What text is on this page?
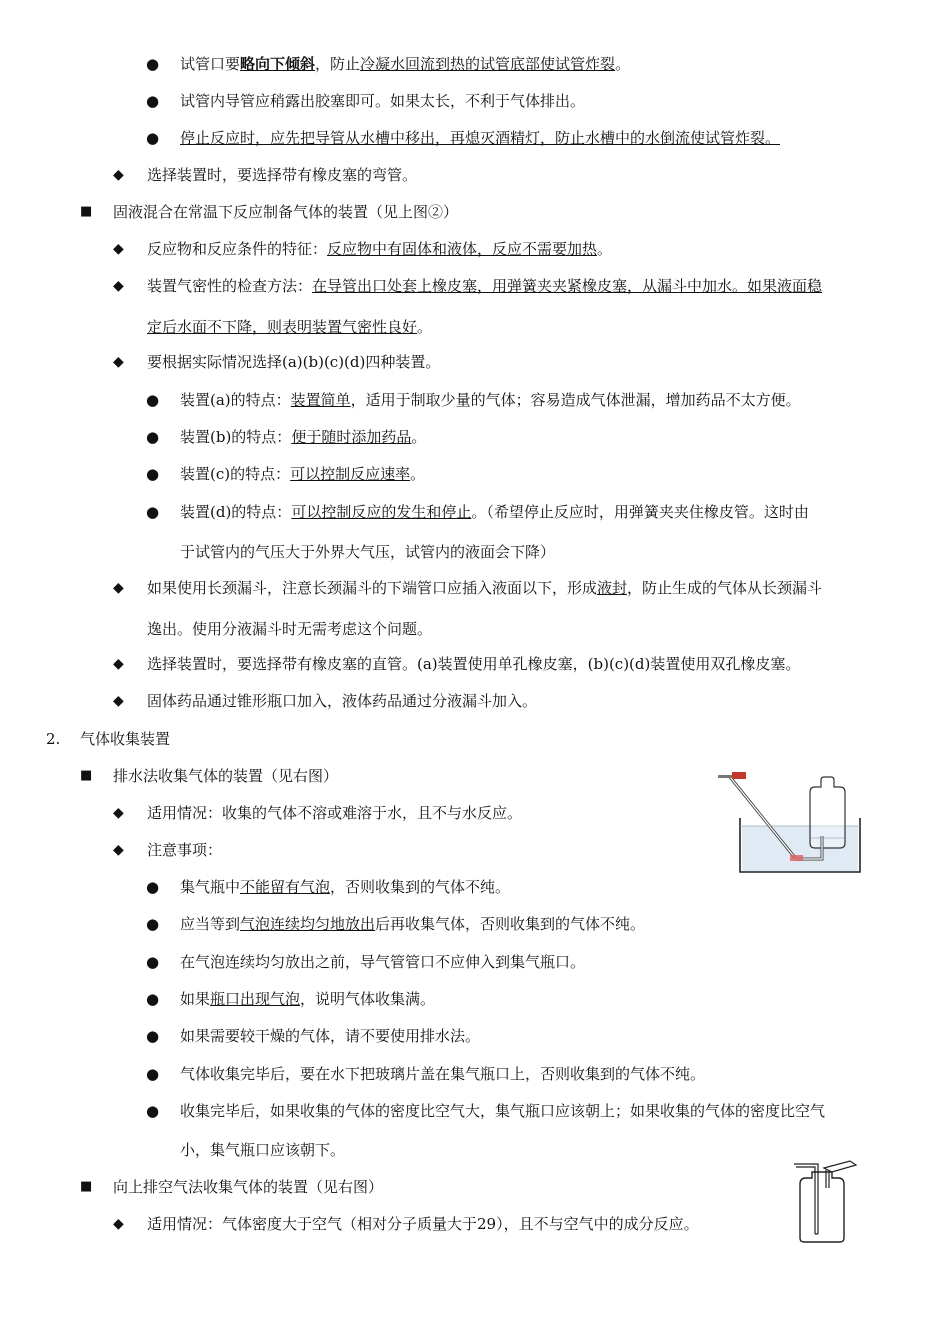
●
●
●
◆
■
◆
◆
◆
●
●
●
●
◆
◆
◆
2.
■
◆
◆
●
●
●
●
●
●
●
■
◆
试管口要略向下倾斜，防止冷凝水回流到热的试管底部使试管炸裂。
试管内导管应稍露出胶塞即可。如果太长，不利于气体排出。
停止反应时，应先把导管从水槽中移出，再熄灭酒精灯，防止水槽中的水倒流使试管炸裂。
选择装置时，要选择带有橡皮塞的弯管。
固液混合在常温下反应制备气体的装置（见上图②）
反应物和反应条件的特征：反应物中有固体和液体，反应不需要加热。
装置气密性的检查方法：在导管出口处套上橡皮塞，用弹簧夹夹紧橡皮塞，从漏斗中加水。如果液面稳
定后水面不下降，则表明装置气密性良好。
要根据实际情况选择(a)(b)(c)(d)四种装置。
装置(a)的特点：装置简单，适用于制取少量的气体；容易造成气体泄漏，增加药品不太方便。
装置(b)的特点：便于随时添加药品。
装置(c)的特点：可以控制反应速率。
装置(d)的特点：可以控制反应的发生和停止。（希望停止反应时，用弹簧夹夹住橡皮管。这时由
于试管内的气压大于外界大气压，试管内的液面会下降）
如果使用长颈漏斗，注意长颈漏斗的下端管口应插入液面以下，形成液封，防止生成的气体从长颈漏斗
逸出。使用分液漏斗时无需考虑这个问题。
选择装置时，要选择带有橡皮塞的直管。(a)装置使用单孔橡皮塞，(b)(c)(d)装置使用双孔橡皮塞。
固体药品通过锥形瓶口加入，液体药品通过分液漏斗加入。
气体收集装置
排水法收集气体的装置（见右图）
适用情况：收集的气体不溶或难溶于水，且不与水反应。
注意事项：
集气瓶中不能留有气泡，否则收集到的气体不纯。
应当等到气泡连续均匀地放出后再收集气体，否则收集到的气体不纯。
在气泡连续均匀放出之前，导气管管口不应伸入到集气瓶口。
如果瓶口出现气泡，说明气体收集满。
如果需要较干燥的气体，请不要使用排水法。
气体收集完毕后，要在水下把玻璃片盖在集气瓶口上，否则收集到的气体不纯。
收集完毕后，如果收集的气体的密度比空气大，集气瓶口应该朝上；如果收集的气体的密度比空气
小，集气瓶口应该朝下。
向上排空气法收集气体的装置（见右图）
适用情况：气体密度大于空气（相对分子质量大于29），且不与空气中的成分反应。
